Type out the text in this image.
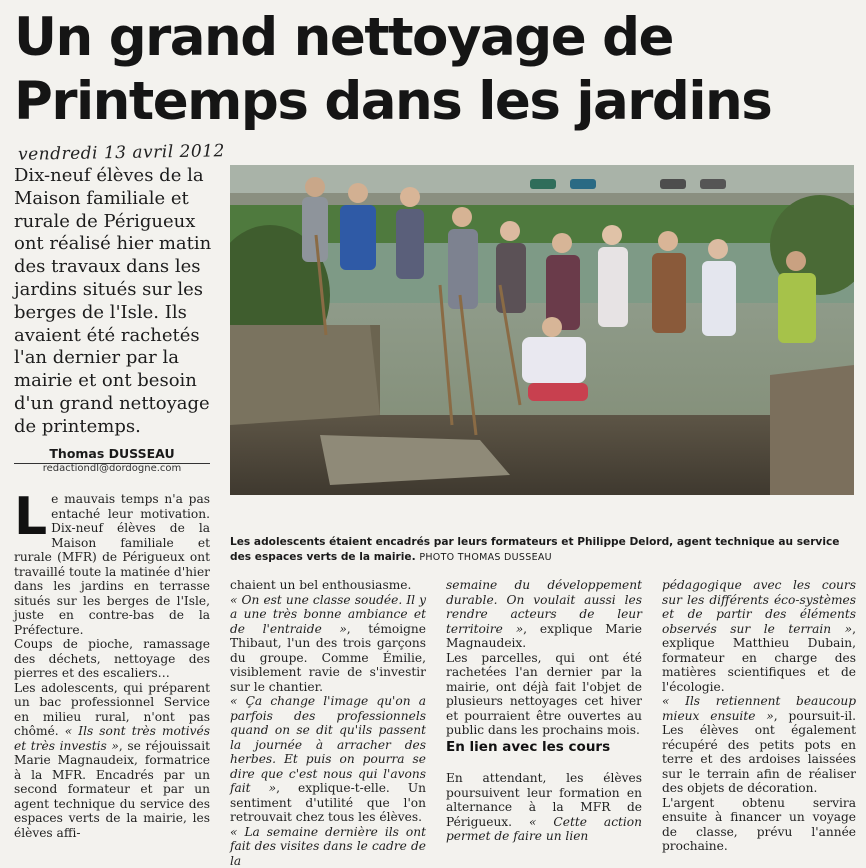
Un grand nettoyage de
Printemps dans les jardins
vendredi 13 avril 2012
Dix-neuf élèves de la Maison familiale et rurale de Périgueux ont réalisé hier matin des travaux dans les jardins situés sur les berges de l'Isle. Ils avaient été rachetés l'an dernier par la mairie et ont besoin d'un grand nettoyage de printemps.
Thomas DUSSEAU
redactiondl@dordogne.com
Les adolescents étaient encadrés par leurs formateurs et Philippe Delord, agent technique au service des espaces verts de la mairie. PHOTO THOMAS DUSSEAU

Le mauvais temps n'a pas entaché leur motivation. Dix-neuf élèves de la Maison familiale et rurale (MFR) de Périgueux ont travaillé toute la matinée d'hier dans les jardins en terrasse situés sur les berges de l'Isle, juste en contre-bas de la Préfecture.

Coups de pioche, ramassage des déchets, nettoyage des pierres et des escaliers…

Les adolescents, qui préparent un bac professionnel Service en milieu rural, n'ont pas chômé. « Ils sont très motivés et très investis », se réjouissait Marie Magnaudeix, formatrice à la MFR. Encadrés par un second formateur et par un agent technique du service des espaces verts de la mairie, les élèves affi-

chaient un bel enthousiasme.

« On est une classe soudée. Il y a une très bonne ambiance et de l'entraide », témoigne Thibaut, l'un des trois garçons du groupe. Comme Émilie, visiblement ravie de s'investir sur le chantier.

« Ça change l'image qu'on a parfois des professionnels quand on se dit qu'ils passent la journée à arracher des herbes. Et puis on pourra se dire que c'est nous qui l'avons fait », explique-t-elle. Un sentiment d'utilité que l'on retrouvait chez tous les élèves.

« La semaine dernière ils ont fait des visites dans le cadre de la

semaine du développement durable. On voulait aussi les rendre acteurs de leur territoire », explique Marie Magnaudeix.

Les parcelles, qui ont été rachetées l'an dernier par la mairie, ont déjà fait l'objet de plusieurs nettoyages cet hiver et pourraient être ouvertes au public dans les prochains mois.

En lien avec les cours

En attendant, les élèves poursuivent leur formation en alternance à la MFR de Périgueux. « Cette action permet de faire un lien

pédagogique avec les cours sur les différents éco-systèmes et de partir des éléments observés sur le terrain », explique Matthieu Dubain, formateur en charge des matières scientifiques et de l'écologie.

« Ils retiennent beaucoup mieux ensuite », poursuit-il. Les élèves ont également récupéré des petits pots en terre et des ardoises laissées sur le terrain afin de réaliser des objets de décoration.

L'argent obtenu servira ensuite à financer un voyage de classe, prévu l'année prochaine.
